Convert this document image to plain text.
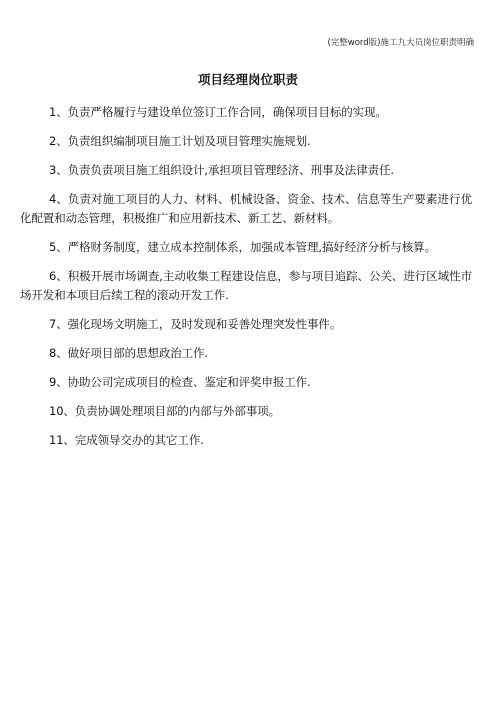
(完整word版)施工九大员岗位职责明确
项目经理岗位职责

1、负责严格履行与建设单位签订工作合同，确保项目目标的实现。

2、负责组织编制项目施工计划及项目管理实施规划.

3、负责负责项目施工组织设计,承担项目管理经济、刑事及法律责任.

4、负责对施工项目的人力、材料、机械设备、资金、技术、信息等生产要素进行优化配置和动态管理，积极推广和应用新技术、新工艺、新材料。

5、严格财务制度，建立成本控制体系，加强成本管理,搞好经济分析与核算。

6、积极开展市场调查,主动收集工程建设信息，参与项目追踪、公关、进行区域性市场开发和本项目后续工程的滚动开发工作.

7、强化现场文明施工，及时发现和妥善处理突发性事件。

8、做好项目部的思想政治工作.

9、协助公司完成项目的检查、鉴定和评奖申报工作.

10、负责协调处理项目部的内部与外部事项。

11、完成领导交办的其它工作.
